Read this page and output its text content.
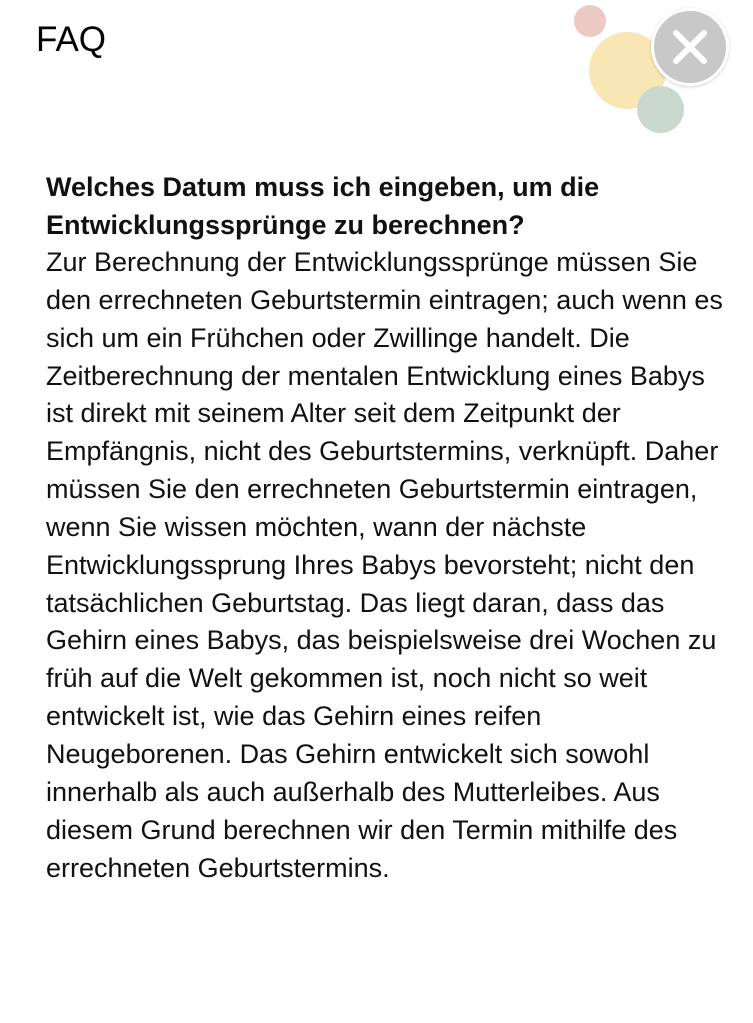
FAQ

Welches Datum muss ich eingeben, um die Entwicklungssprünge zu berechnen?

Zur Berechnung der Entwicklungssprünge müssen Sie den errechneten Geburtstermin eintragen; auch wenn es sich um ein Frühchen oder Zwillinge handelt. Die Zeitberechnung der mentalen Entwicklung eines Babys ist direkt mit seinem Alter seit dem Zeitpunkt der Empfängnis, nicht des Geburtstermins, verknüpft. Daher müssen Sie den errechneten Geburtstermin eintragen, wenn Sie wissen möchten, wann der nächste Entwicklungssprung Ihres Babys bevorsteht; nicht den tatsächlichen Geburtstag. Das liegt daran, dass das Gehirn eines Babys, das beispielsweise drei Wochen zu früh auf die Welt gekommen ist, noch nicht so weit entwickelt ist, wie das Gehirn eines reifen Neugeborenen. Das Gehirn entwickelt sich sowohl innerhalb als auch außerhalb des Mutterleibes. Aus diesem Grund berechnen wir den Termin mithilfe des errechneten Geburtstermins.
